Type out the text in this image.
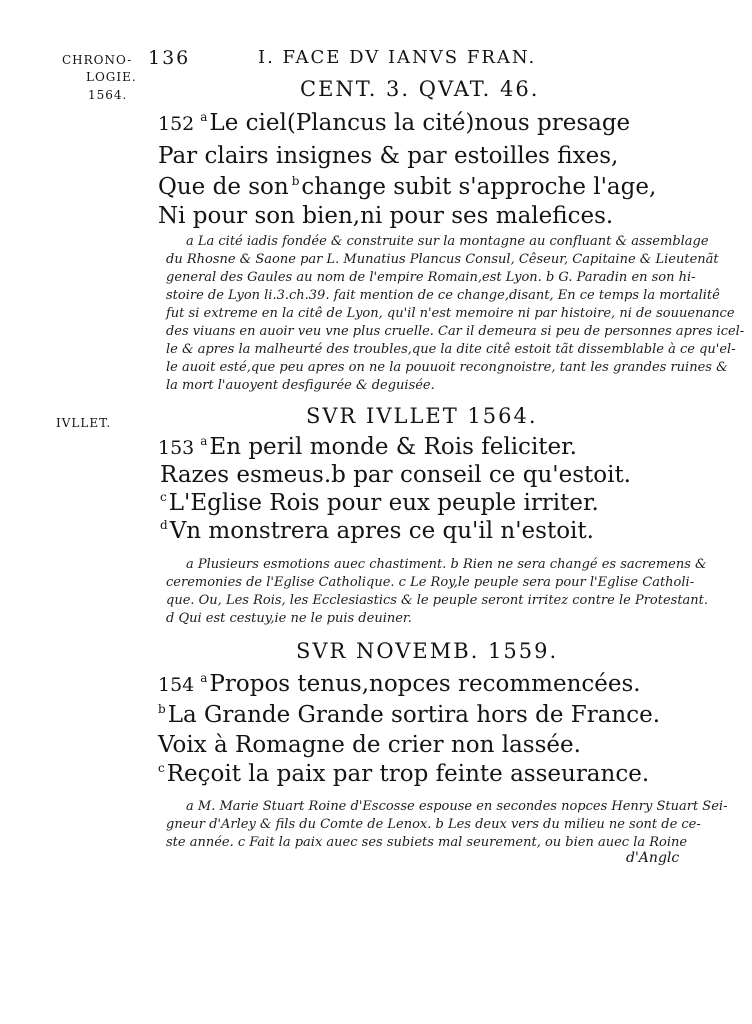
CHRONO-
LOGIE.
1564.
IVLLET.
136	I. FACE DV IANVS FRAN.
CENT. 3. QVAT. 46.
152 $^a$Le ciel(Plancus la cité)nous presage
Par clairs insignes & par estoilles fixes,
Que de son $^b$change subit s'approche l'age,
Ni pour son bien,ni pour ses malefices.
a La cité iadis fondée & construite sur la montagne au confluant & assemblage
du Rhosne & Saone par L. Munatius Plancus Consul, Cêseur, Capitaine & Lieutenãt
general des Gaules au nom de l'empire Romain,est Lyon. b G. Paradin en son hi-
stoire de Lyon li.3.ch.39. fait mention de ce change,disant, En ce temps la mortalitê
fut si extreme en la citê de Lyon, qu'il n'est memoire ni par histoire, ni de souuenance
des viuans en auoir veu vne plus cruelle. Car il demeura si peu de personnes apres icel-
le & apres la malheurté des troubles,que la dite citê estoit tãt dissemblable à ce qu'el-
le auoit esté,que peu apres on ne la pouuoit recongnoistre, tant les grandes ruines &
la mort l'auoyent desfigurée & deguisée.
SVR IVLLET 1564.
153 $^a$En peril monde & Rois feliciter.
Razes esmeus.b par conseil ce qu'estoit.
$^c$L'Eglise Rois pour eux peuple irriter.
$^d$Vn monstrera apres ce qu'il n'estoit.
a Plusieurs esmotions auec chastiment. b Rien ne sera changé es sacremens &
ceremonies de l'Eglise Catholique. c Le Roy,le peuple sera pour l'Eglise Catholi-
que. Ou, Les Rois, les Ecclesiastics & le peuple seront irritez contre le Protestant.
d Qui est cestuy,ie ne le puis deuiner.
SVR NOVEMB. 1559.
154 $^a$Propos tenus,nopces recommencées.
$^b$La Grande Grande sortira hors de France.
Voix à Romagne de crier non lassée.
$^c$Reçoit la paix par trop feinte asseurance.
a M. Marie Stuart Roine d'Escosse espouse en secondes nopces Henry Stuart Sei-
gneur d'Arley & fils du Comte de Lenox. b Les deux vers du milieu ne sont de ce-
ste année. c Fait la paix auec ses subiets mal seurement, ou bien auec la Roine
d'Anglc
